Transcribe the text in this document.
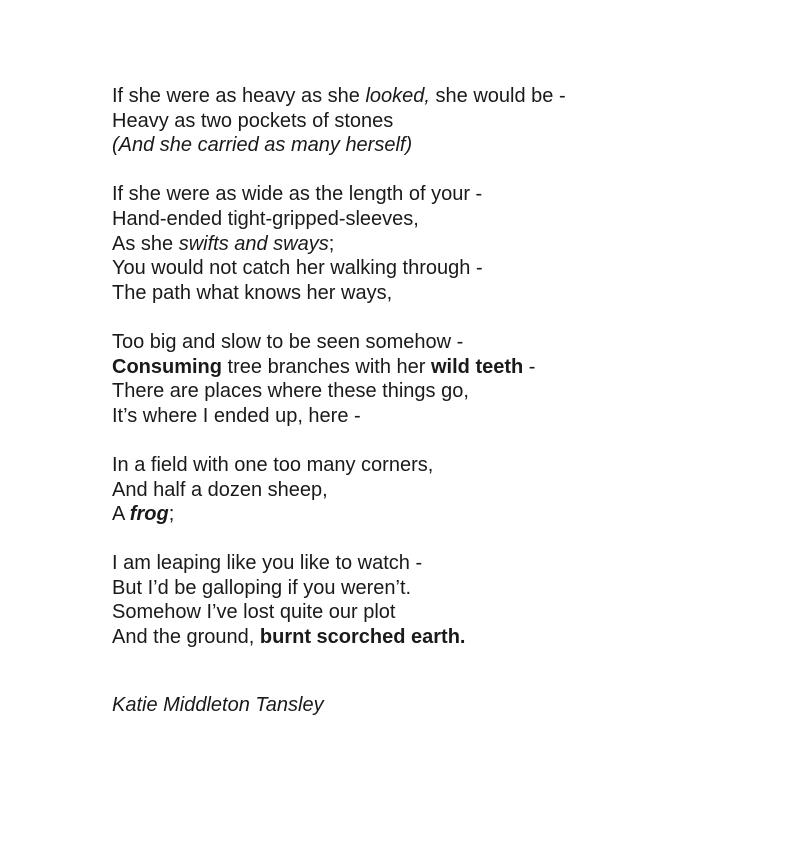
If she were as heavy as she looked, she would be -
Heavy as two pockets of stones
(And she carried as many herself)
If she were as wide as the length of your -
Hand-ended tight-gripped-sleeves,
As she swifts and sways;
You would not catch her walking through -
The path what knows her ways,
Too big and slow to be seen somehow -
Consuming tree branches with her wild teeth -
There are places where these things go,
It’s where I ended up, here -
In a field with one too many corners,
And half a dozen sheep,
A frog;
I am leaping like you like to watch -
But I’d be galloping if you weren’t.
Somehow I’ve lost quite our plot
And the ground, burnt scorched earth.
Katie Middleton Tansley
